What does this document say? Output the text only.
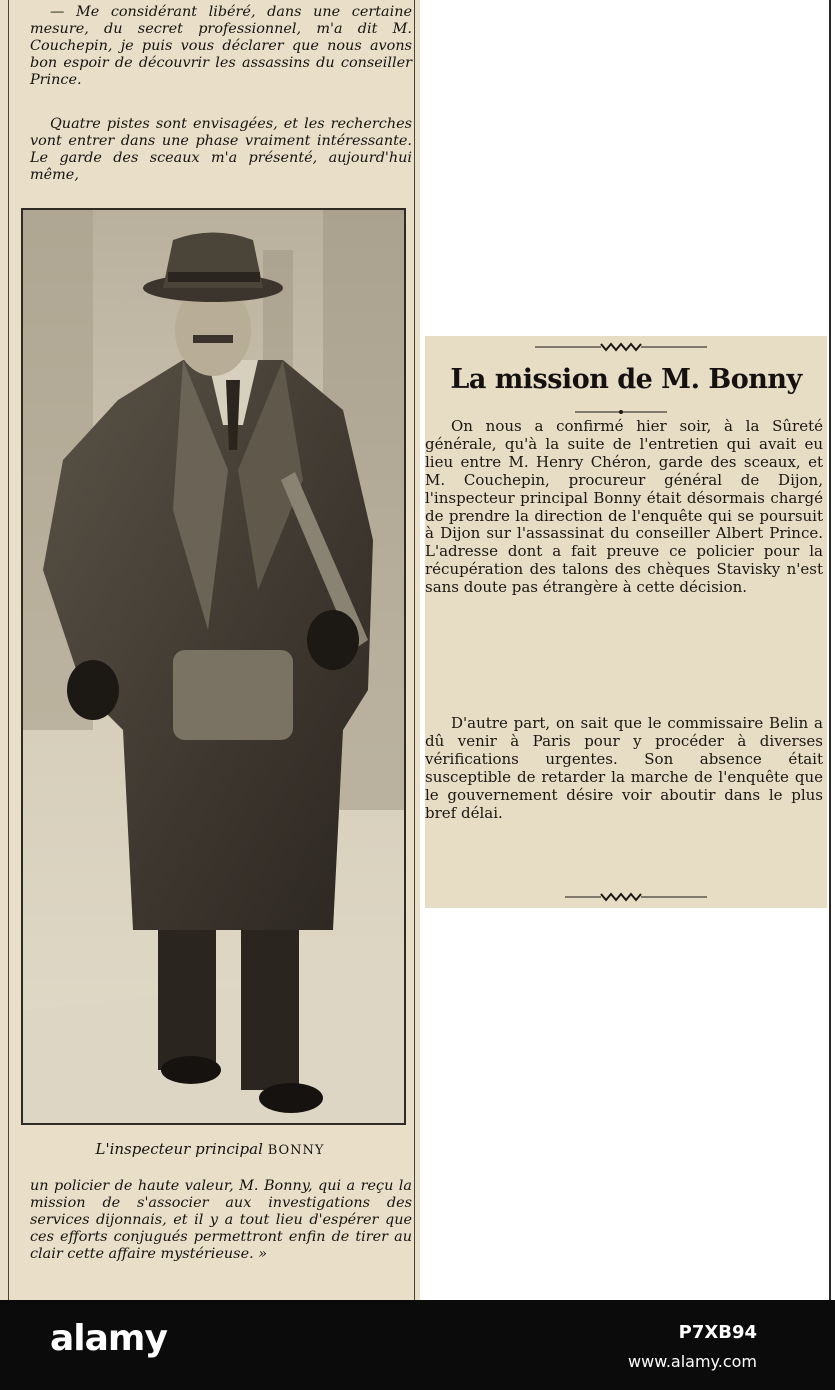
— Me considérant libéré, dans une certaine mesure, du secret professionnel, m'a dit M. Couchepin, je puis vous déclarer que nous avons bon espoir de découvrir les assassins du conseiller Prince.

Quatre pistes sont envisagées, et les recherches vont entrer dans une phase vraiment intéressante. Le garde des sceaux m'a présenté, aujourd'hui même,

L'inspecteur principal BONNY

un policier de haute valeur, M. Bonny, qui a reçu la mission de s'associer aux investigations des services dijonnais, et il y a tout lieu d'espérer que ces efforts conjugués permettront enfin de tirer au clair cette affaire mystérieuse. »

La mission de M. Bonny

On nous a confirmé hier soir, à la Sûreté générale, qu'à la suite de l'entretien qui avait eu lieu entre M. Henry Chéron, garde des sceaux, et M. Couchepin, procureur général de Dijon, l'inspecteur principal Bonny était désormais chargé de prendre la direction de l'enquête qui se poursuit à Dijon sur l'assassinat du conseiller Albert Prince. L'adresse dont a fait preuve ce policier pour la récupération des talons des chèques Stavisky n'est sans doute pas étrangère à cette décision.

D'autre part, on sait que le commissaire Belin a dû venir à Paris pour y procéder à diverses vérifications urgentes. Son absence était susceptible de retarder la marche de l'enquête que le gouvernement désire voir aboutir dans le plus bref délai.

alamy	P7XB94
www.alamy.com
